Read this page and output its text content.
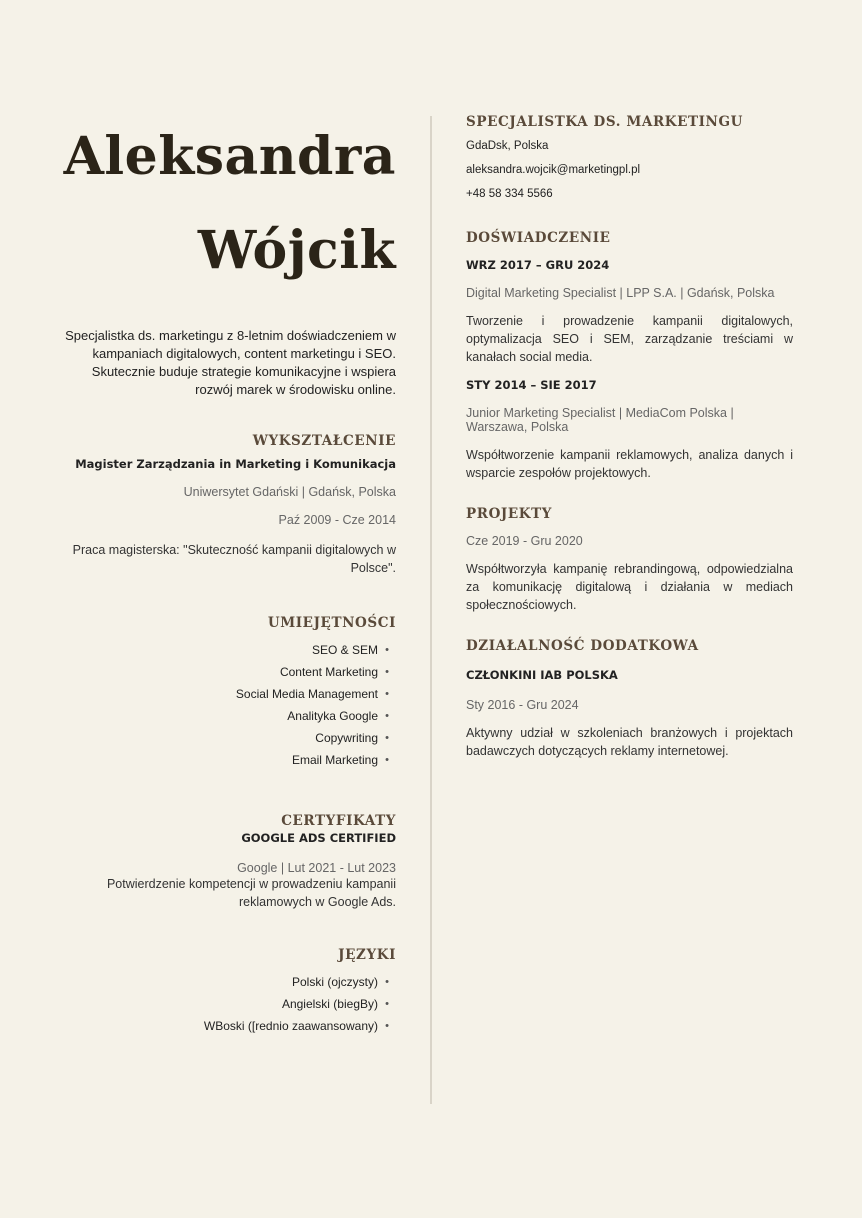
Aleksandra
Wójcik
Specjalistka ds. marketingu z 8-letnim doświadczeniem w kampaniach digitalowych, content marketingu i SEO. Skutecznie buduje strategie komunikacyjne i wspiera rozwój marek w środowisku online.
WYKSZTAŁCENIE
Magister Zarządzania in Marketing i Komunikacja
Uniwersytet Gdański | Gdańsk, Polska
Paź 2009 - Cze 2014
Praca magisterska: "Skuteczność kampanii digitalowych w Polsce".
UMIEJĘTNOŚCI
SEO & SEM •
Content Marketing •
Social Media Management •
Analityka Google •
Copywriting •
Email Marketing •
CERTYFIKATY
GOOGLE ADS CERTIFIED
Google | Lut 2021 - Lut 2023
Potwierdzenie kompetencji w prowadzeniu kampanii reklamowych w Google Ads.
JĘZYKI
Polski (ojczysty) •
Angielski (biegBy) •
WBoski ([rednio zaawansowany) •
SPECJALISTKA DS. MARKETINGU
GdaDsk, Polska
aleksandra.wojcik@marketingpl.pl
+48 58 334 5566
DOŚWIADCZENIE
WRZ 2017 – GRU 2024
Digital Marketing Specialist | LPP S.A. | Gdańsk, Polska
Tworzenie i prowadzenie kampanii digitalowych, optymalizacja SEO i SEM, zarządzanie treściami w kanałach social media.
STY 2014 – SIE 2017
Junior Marketing Specialist | MediaCom Polska | Warszawa, Polska
Współtworzenie kampanii reklamowych, analiza danych i wsparcie zespołów projektowych.
PROJEKTY
Cze 2019 - Gru 2020
Współtworzyła kampanię rebrandingową, odpowiedzialna za komunikację digitalową i działania w mediach społecznościowych.
DZIAŁALNOŚĆ DODATKOWA
CZŁONKINI IAB POLSKA
Sty 2016 - Gru 2024
Aktywny udział w szkoleniach branżowych i projektach badawczych dotyczących reklamy internetowej.
